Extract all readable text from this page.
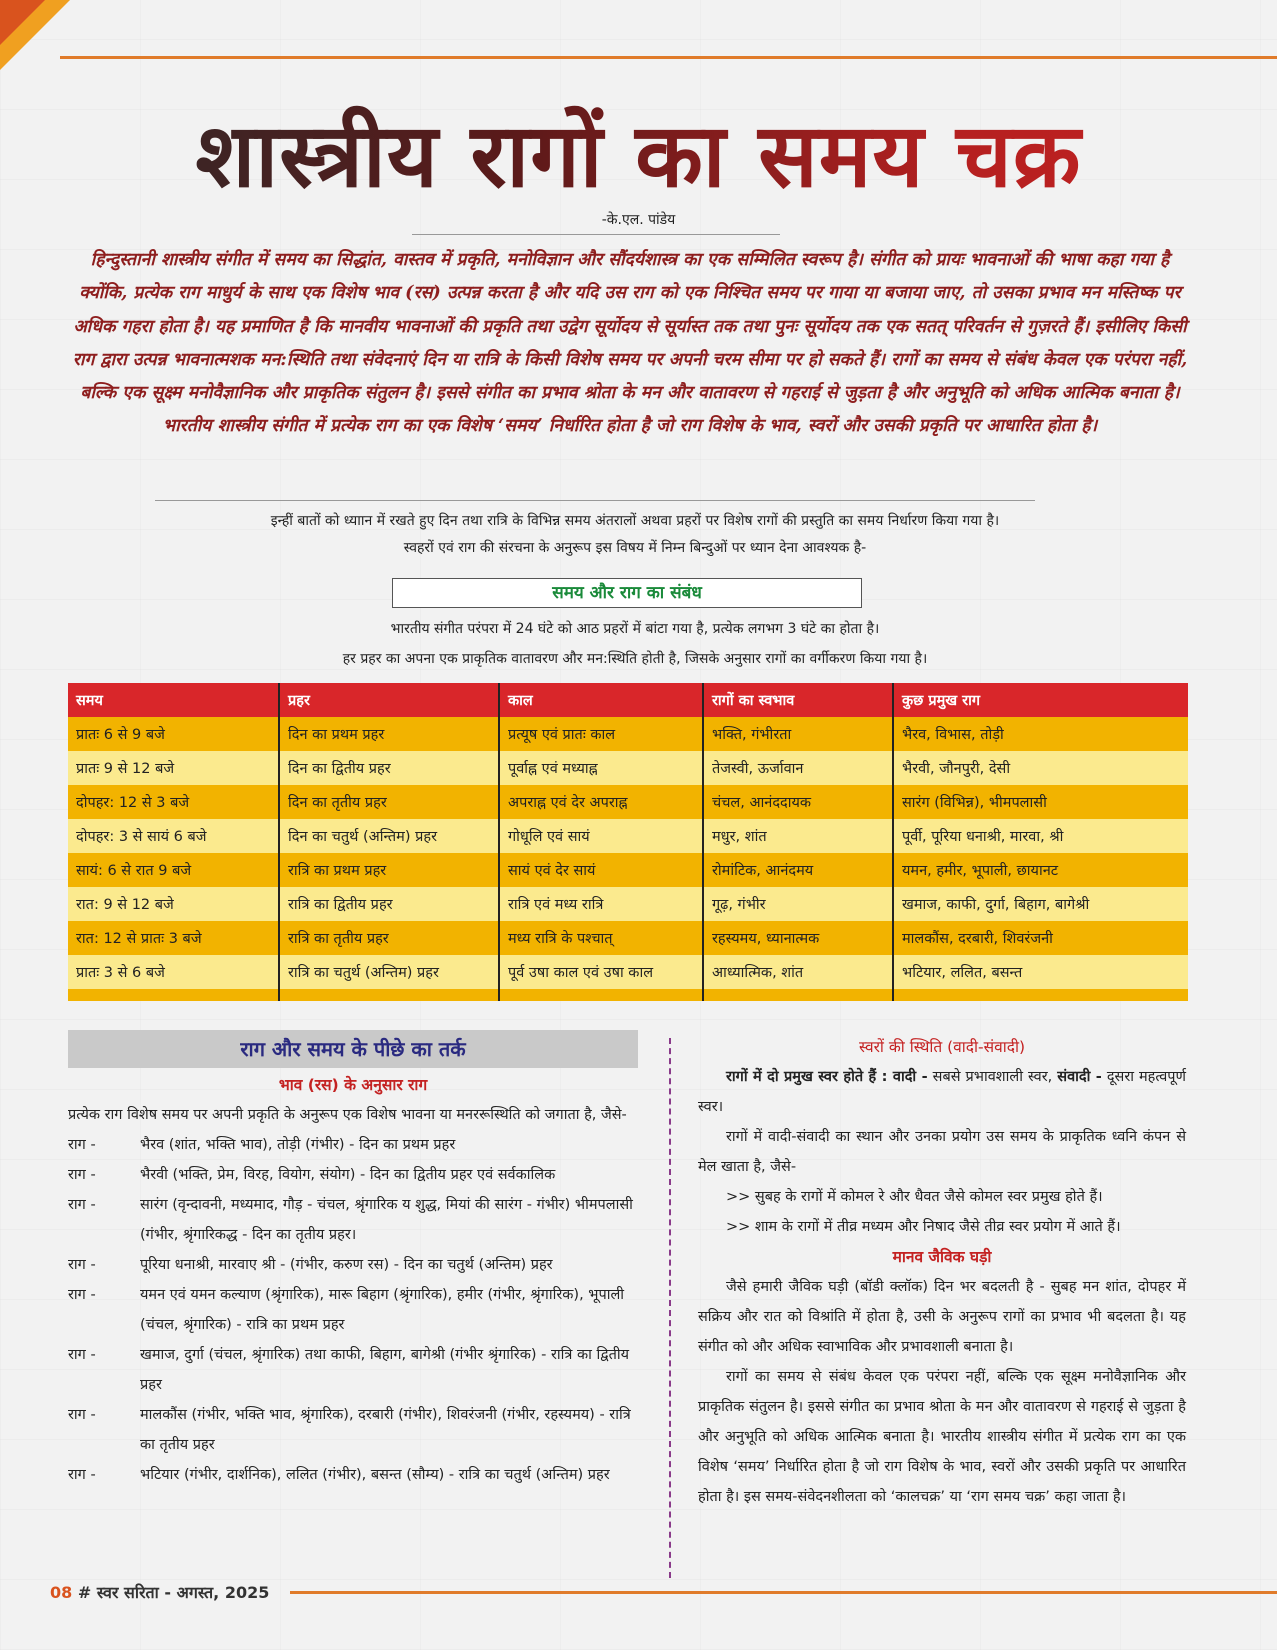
शास्त्रीय रागों का समय चक्र
-के.एल. पांडेय
हिन्दुस्तानी शास्त्रीय संगीत में समय का सिद्धांत, वास्तव में प्रकृति, मनोविज्ञान और सौंदर्यशास्त्र का एक सम्मिलित स्वरूप है। संगीत को प्रायः भावनाओं की भाषा कहा गया है क्योंकि, प्रत्येक राग माधुर्य के साथ एक विशेष भाव (रस) उत्पन्न करता है और यदि उस राग को एक निश्चित समय पर गाया या बजाया जाए, तो उसका प्रभाव मन मस्तिष्क पर अधिक गहरा होता है। यह प्रमाणित है कि मानवीय भावनाओं की प्रकृति तथा उद्वेग सूर्योदय से सूर्यास्त तक तथा पुनः सूर्योदय तक एक सतत् परिवर्तन से गुज़रते हैं। इसीलिए किसी राग द्वारा उत्पन्न भावनात्मशक मन:स्थिति तथा संवेदनाएं दिन या रात्रि के किसी विशेष समय पर अपनी चरम सीमा पर हो सकते हैं। रागों का समय से संबंध केवल एक परंपरा नहीं, बल्कि एक सूक्ष्म मनोवैज्ञानिक और प्राकृतिक संतुलन है। इससे संगीत का प्रभाव श्रोता के मन और वातावरण से गहराई से जुड़ता है और अनुभूति को अधिक आत्मिक बनाता है। भारतीय शास्त्रीय संगीत में प्रत्येक राग का एक विशेष ‘समय’ निर्धारित होता है जो राग विशेष के भाव, स्वरों और उसकी प्रकृति पर आधारित होता है।
इन्हीं बातों को ध्याान में रखते हुए दिन तथा रात्रि के विभिन्न समय अंतरालों अथवा प्रहरों पर विशेष रागों की प्रस्तुति का समय निर्धारण किया गया है।
स्वहरों एवं राग की संरचना के अनुरूप इस विषय में निम्न बिन्दुओं पर ध्यान देना आवश्यक है-
समय और राग का संबंध
भारतीय संगीत परंपरा में 24 घंटे को आठ प्रहरों में बांटा गया है, प्रत्येक लगभग 3 घंटे का होता है।
हर प्रहर का अपना एक प्राकृतिक वातावरण और मन:स्थिति होती है, जिसके अनुसार रागों का वर्गीकरण किया गया है।
समय	प्रहर	काल	रागों का स्वभाव	कुछ प्रमुख राग
प्रातः 6 से 9 बजे	दिन का प्रथम प्रहर	प्रत्यूष एवं प्रातः काल	भक्ति, गंभीरता	भैरव, विभास, तोड़ी
प्रातः 9 से 12 बजे	दिन का द्वितीय प्रहर	पूर्वाह्न एवं मध्याह्न	तेजस्वी, ऊर्जावान	भैरवी, जौनपुरी, देसी
दोपहर: 12 से 3 बजे	दिन का तृतीय प्रहर	अपराह्न एवं देर अपराह्न	चंचल, आनंददायक	सारंग (विभिन्न), भीमपलासी
दोपहर: 3 से सायं 6 बजे	दिन का चतुर्थ (अन्तिम) प्रहर	गोधूलि एवं सायं	मधुर, शांत	पूर्वी, पूरिया धनाश्री, मारवा, श्री
सायं: 6 से रात 9 बजे	रात्रि का प्रथम प्रहर	सायं एवं देर सायं	रोमांटिक, आनंदमय	यमन, हमीर, भूपाली, छायानट
रात: 9 से 12 बजे	रात्रि का द्वितीय प्रहर	रात्रि एवं मध्य रात्रि	गूढ़, गंभीर	खमाज, काफी, दुर्गा, बिहाग, बागेश्री
रात: 12 से प्रातः 3 बजे	रात्रि का तृतीय प्रहर	मध्य रात्रि के पश्चात्	रहस्यमय, ध्यानात्मक	मालकौंस, दरबारी, शिवरंजनी
प्रातः 3 से 6 बजे	रात्रि का चतुर्थ (अन्तिम) प्रहर	पूर्व उषा काल एवं उषा काल	आध्यात्मिक, शांत	भटियार, ललित, बसन्त

राग और समय के पीछे का तर्क
भाव (रस) के अनुसार राग
प्रत्येक राग विशेष समय पर अपनी प्रकृति के अनुरूप एक विशेष भावना या मनररूस्थिति को जगाता है, जैसे-
राग -	भैरव (शांत, भक्ति भाव), तोड़ी (गंभीर) - दिन का प्रथम प्रहर
राग -	भैरवी (भक्ति, प्रेम, विरह, वियोग, संयोग) - दिन का द्वितीय प्रहर एवं सर्वकालिक
राग -	सारंग (वृन्दावनी, मध्यमाद, गौड़ - चंचल, श्रृंगारिक य शुद्ध, मियां की सारंग - गंभीर) भीमपलासी (गंभीर, श्रृंगारिकद्ध - दिन का तृतीय प्रहर।
राग -	पूरिया धनाश्री, मारवाए श्री - (गंभीर, करुण रस) - दिन का चतुर्थ (अन्तिम) प्रहर
राग -	यमन एवं यमन कल्याण (श्रृंगारिक), मारू बिहाग (श्रृंगारिक), हमीर (गंभीर, श्रृंगारिक), भूपाली (चंचल, श्रृंगारिक) - रात्रि का प्रथम प्रहर
राग -	खमाज, दुर्गा (चंचल, श्रृंगारिक) तथा काफी, बिहाग, बागेश्री (गंभीर श्रृंगारिक) - रात्रि का द्वितीय प्रहर
राग -	मालकौंस (गंभीर, भक्ति भाव, श्रृंगारिक), दरबारी (गंभीर), शिवरंजनी (गंभीर, रहस्यमय) - रात्रि का तृतीय प्रहर
राग -	भटियार (गंभीर, दार्शनिक), ललित (गंभीर), बसन्त (सौम्य) - रात्रि का चतुर्थ (अन्तिम) प्रहर
स्वरों की स्थिति (वादी-संवादी)

रागों में दो प्रमुख स्वर होते हैं : वादी - सबसे प्रभावशाली स्वर, संवादी - दूसरा महत्वपूर्ण स्वर।

रागों में वादी-संवादी का स्थान और उनका प्रयोग उस समय के प्राकृतिक ध्वनि कंपन से मेल खाता है, जैसे-

>> सुबह के रागों में कोमल रे और धैवत जैसे कोमल स्वर प्रमुख होते हैं।

>> शाम के रागों में तीव्र मध्यम और निषाद जैसे तीव्र स्वर प्रयोग में आते हैं।

मानव जैविक घड़ी

जैसे हमारी जैविक घड़ी (बॉडी क्लॉक) दिन भर बदलती है - सुबह मन शांत, दोपहर में सक्रिय और रात को विश्रांति में होता है, उसी के अनुरूप रागों का प्रभाव भी बदलता है। यह संगीत को और अधिक स्वाभाविक और प्रभावशाली बनाता है।

रागों का समय से संबंध केवल एक परंपरा नहीं, बल्कि एक सूक्ष्म मनोवैज्ञानिक और प्राकृतिक संतुलन है। इससे संगीत का प्रभाव श्रोता के मन और वातावरण से गहराई से जुड़ता है और अनुभूति को अधिक आत्मिक बनाता है। भारतीय शास्त्रीय संगीत में प्रत्येक राग का एक विशेष ‘समय’ निर्धारित होता है जो राग विशेष के भाव, स्वरों और उसकी प्रकृति पर आधारित होता है। इस समय-संवेदनशीलता को ‘कालचक्र’ या ‘राग समय चक्र’ कहा जाता है।

08 # स्वर सरिता - अगस्त, 2025
